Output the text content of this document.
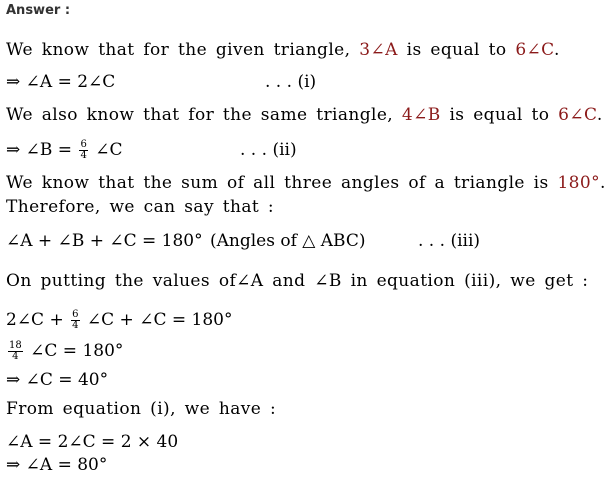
Answer :
We know that for the given triangle, 3∠A is equal to 6∠C.
⇒ ∠A = 2∠C	. . . (i)
We also know that for the same triangle, 4∠B is equal to 6∠C.
⇒ ∠B = $\frac{6}{4}$ ∠C	. . . (ii)
We know that the sum of all three angles of a triangle is 180°.
Therefore, we can say that :
∠A + ∠B + ∠C = 180° (Angles of △ ABC)	. . . (iii)
On putting the values of∠A and ∠B in equation (iii), we get :
2∠C + $\frac{6}{4}$ ∠C + ∠C = 180°
$\frac{18}{4}$ ∠C = 180°
⇒ ∠C = 40°
From equation (i), we have :
∠A = 2∠C = 2 × 40
⇒ ∠A = 80°
